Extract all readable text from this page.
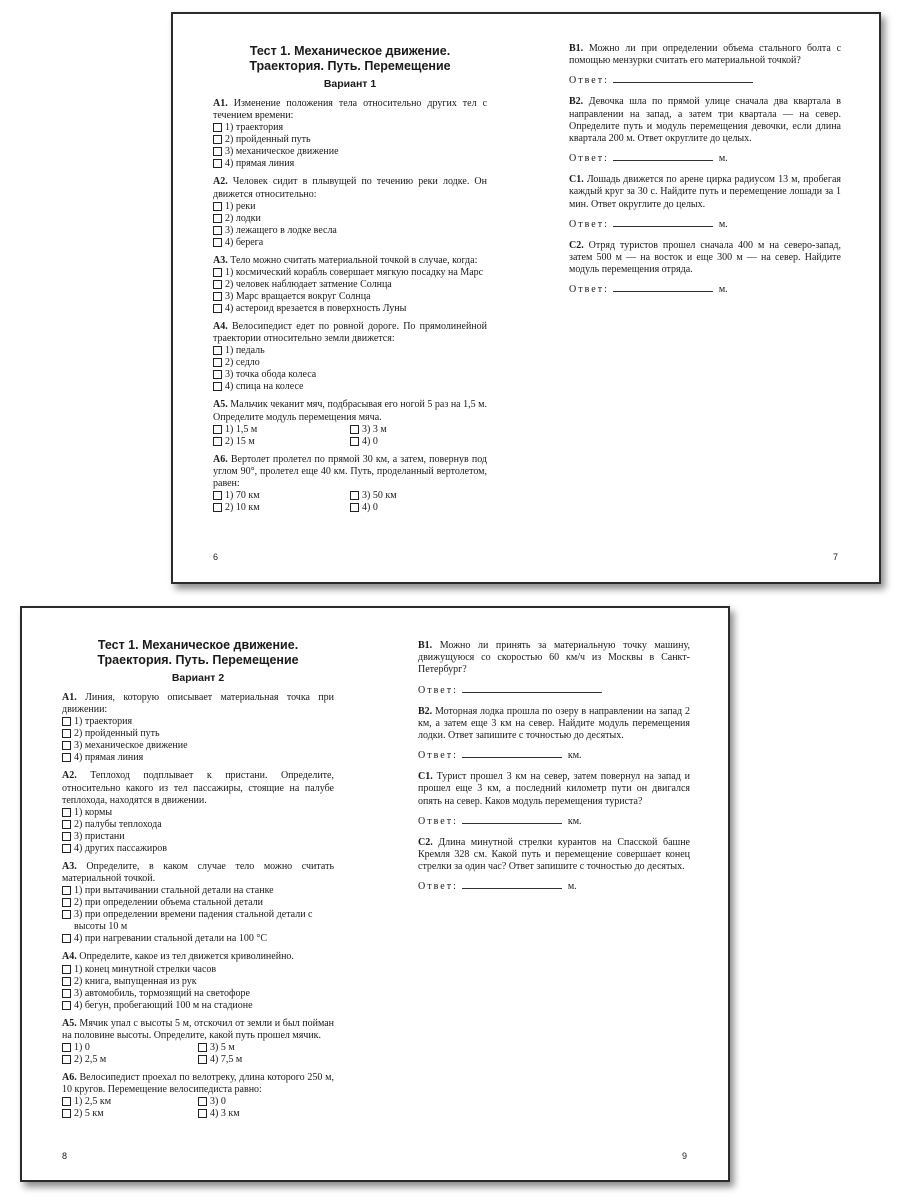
Тест 1. Механическое движение.
Траектория. Путь. Перемещение
Вариант 1
А1. Изменение положения тела относительно других тел с течением времени:
1) траектория
2) пройденный путь
3) механическое движение
4) прямая линия
А2. Человек сидит в плывущей по течению реки лодке. Он движется относительно:
1) реки
2) лодки
3) лежащего в лодке весла
4) берега
А3. Тело можно считать материальной точкой в случае, когда:
1) космический корабль совершает мягкую посадку на Марс
2) человек наблюдает затмение Солнца
3) Марс вращается вокруг Солнца
4) астероид врезается в поверхность Луны
А4. Велосипедист едет по ровной дороге. По прямолинейной траектории относительно земли движется:
1) педаль
2) седло
3) точка обода колеса
4) спица на колесе
А5. Мальчик чеканит мяч, подбрасывая его ногой 5 раз на 1,5 м. Определите модуль перемещения мяча.
1) 1,5 м	3) 3 м
2) 15 м	4) 0
А6. Вертолет пролетел по прямой 30 км, а затем, повернув под углом 90°, пролетел еще 40 км. Путь, проделанный вертолетом, равен:
1) 70 км	3) 50 км
2) 10 км	4) 0
6
В1. Можно ли при определении объема стального болта с помощью мензурки считать его материальной точкой?
Ответ:
В2. Девочка шла по прямой улице сначала два квартала в направлении на запад, а затем три квартала — на север. Определите путь и модуль перемещения девочки, если длина квартала 200 м. Ответ округлите до целых.
Ответ:	м.
С1. Лошадь движется по арене цирка радиусом 13 м, пробегая каждый круг за 30 с. Найдите путь и перемещение лошади за 1 мин. Ответ округлите до целых.
Ответ:	м.
С2. Отряд туристов прошел сначала 400 м на северо-запад, затем 500 м — на восток и еще 300 м — на север. Найдите модуль перемещения отряда.
Ответ:	м.
7
Тест 1. Механическое движение.
Траектория. Путь. Перемещение
Вариант 2
А1. Линия, которую описывает материальная точка при движении:
1) траектория
2) пройденный путь
3) механическое движение
4) прямая линия
А2. Теплоход подплывает к пристани. Определите, относительно какого из тел пассажиры, стоящие на палубе теплохода, находятся в движении.
1) кормы
2) палубы теплохода
3) пристани
4) других пассажиров
А3. Определите, в каком случае тело можно считать материальной точкой.
1) при вытачивании стальной детали на станке
2) при определении объема стальной детали
3) при определении времени падения стальной детали с высоты 10 м
4) при нагревании стальной детали на 100 °С
А4. Определите, какое из тел движется криволинейно.
1) конец минутной стрелки часов
2) книга, выпущенная из рук
3) автомобиль, тормозящий на светофоре
4) бегун, пробегающий 100 м на стадионе
А5. Мячик упал с высоты 5 м, отскочил от земли и был пойман на половине высоты. Определите, какой путь прошел мячик.
1) 0	3) 5 м
2) 2,5 м	4) 7,5 м
А6. Велосипедист проехал по велотреку, длина которого 250 м, 10 кругов. Перемещение велосипедиста равно:
1) 2,5 км	3) 0
2) 5 км	4) 3 км
8
В1. Можно ли принять за материальную точку машину, движущуюся со скоростью 60 км/ч из Москвы в Санкт-Петербург?
Ответ:
В2. Моторная лодка прошла по озеру в направлении на запад 2 км, а затем еще 3 км на север. Найдите модуль перемещения лодки. Ответ запишите с точностью до десятых.
Ответ:	км.
С1. Турист прошел 3 км на север, затем повернул на запад и прошел еще 3 км, а последний километр пути он двигался опять на север. Каков модуль перемещения туриста?
Ответ:	км.
С2. Длина минутной стрелки курантов на Спасской башне Кремля 328 см. Какой путь и перемещение совершает конец стрелки за один час? Ответ запишите с точностью до десятых.
Ответ:	м.
9
